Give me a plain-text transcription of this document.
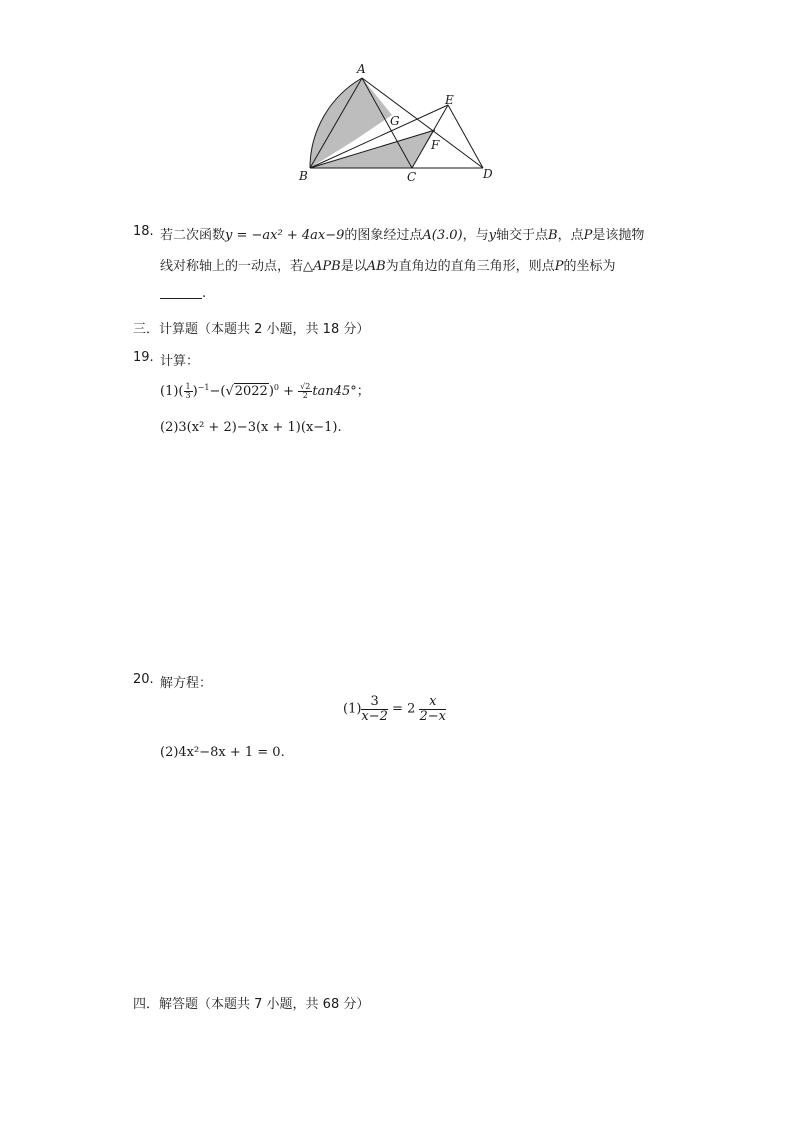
A
B	C	D
E
F
G
18. 若二次函数y = −ax² + 4ax−9的图象经过点A(3.0)，与y轴交于点B，点P是该抛物
线对称轴上的一动点，若△APB是以AB为直角边的直角三角形，则点P的坐标为
.
三．计算题（本题共 2 小题，共 18 分）
19. 计算：
$(1)( \frac{1}{3} )^{-1}-(√2022)^0 + \frac{√2}{2} \tan 45^\circ$；
(2)3(x² + 2)−3(x + 1)(x−1).
20. 解方程：
$(1) \frac{3}{x-2} = 2 \frac{x}{2-x}$
(2)4x²−8x + 1 = 0.
四．解答题（本题共 7 小题，共 68 分）
